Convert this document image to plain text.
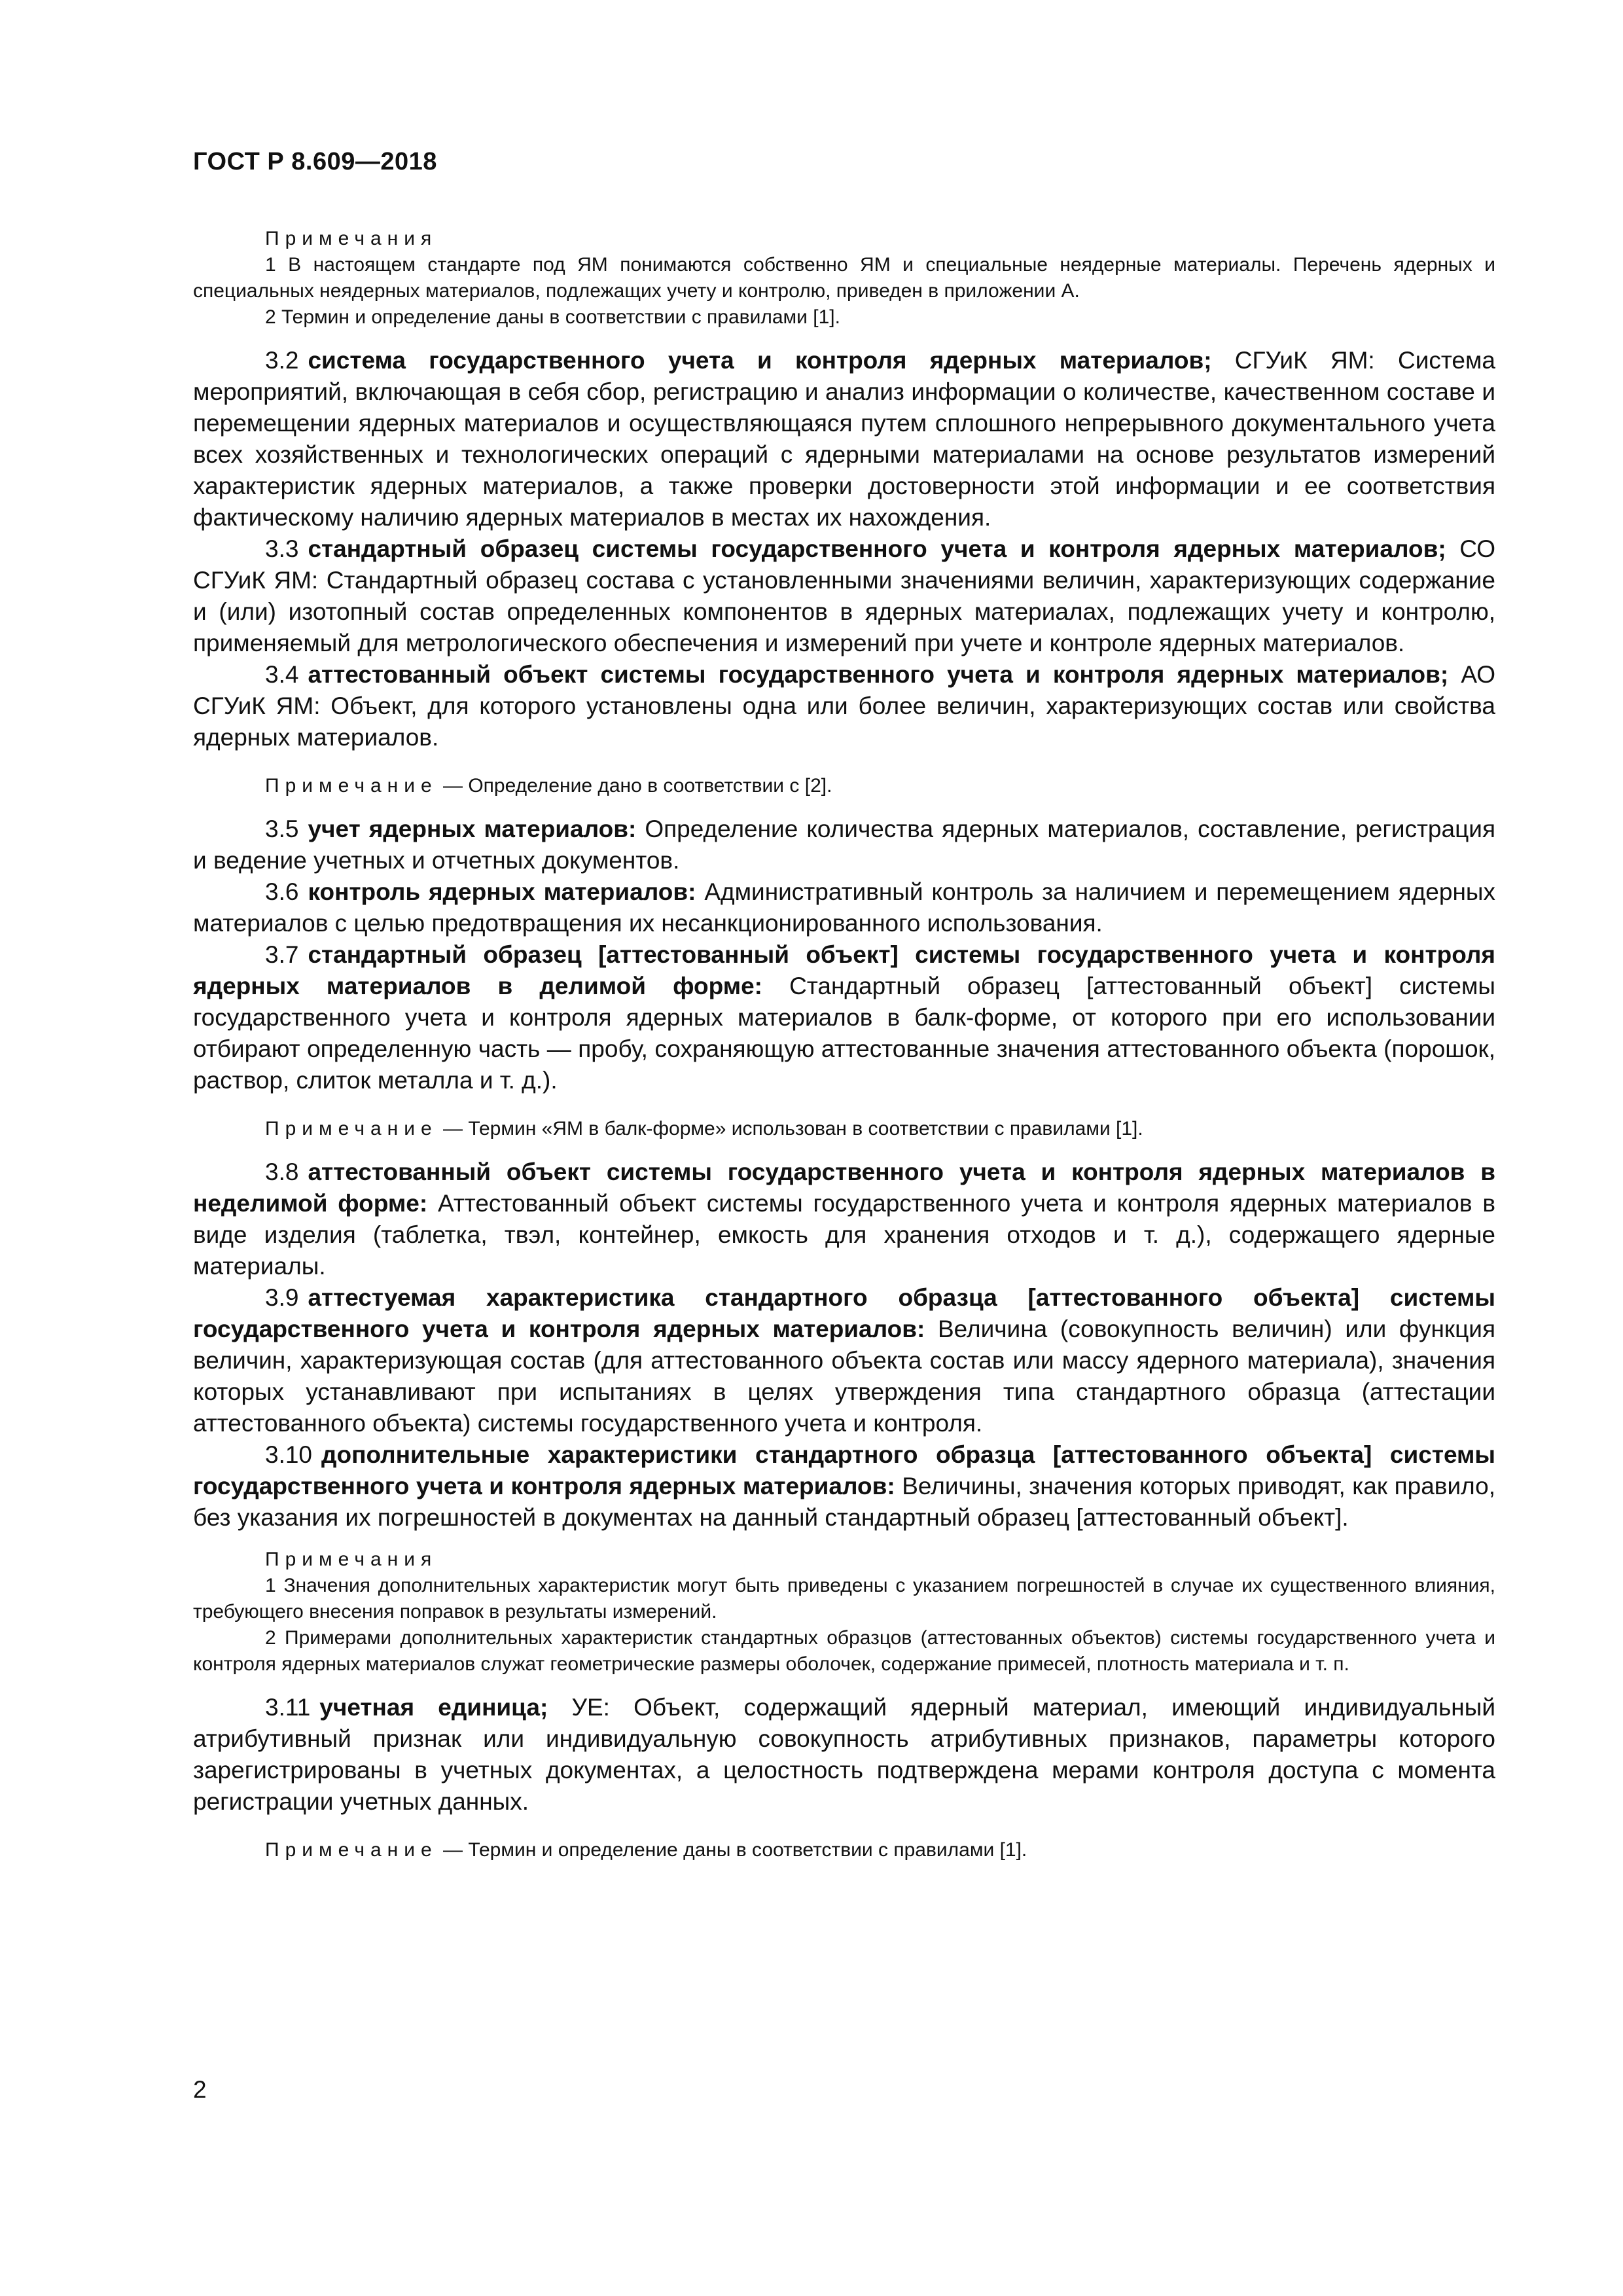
ГОСТ Р 8.609—2018
Примечания

1 В настоящем стандарте под ЯМ понимаются собственно ЯМ и специальные неядерные материалы. Перечень ядерных и специальных неядерных материалов, подлежащих учету и контролю, приведен в приложении А.

2 Термин и определение даны в соответствии с правилами [1].

3.2 система государственного учета и контроля ядерных материалов; СГУиК ЯМ: Система мероприятий, включающая в себя сбор, регистрацию и анализ информации о количестве, качественном составе и перемещении ядерных материалов и осуществляющаяся путем сплошного непрерывного документального учета всех хозяйственных и технологических операций с ядерными материалами на основе результатов измерений характеристик ядерных материалов, а также проверки достоверности этой информации и ее соответствия фактическому наличию ядерных материалов в местах их нахождения.

3.3 стандартный образец системы государственного учета и контроля ядерных материалов; СО СГУиК ЯМ: Стандартный образец состава с установленными значениями величин, характеризующих содержание и (или) изотопный состав определенных компонентов в ядерных материалах, подлежащих учету и контролю, применяемый для метрологического обеспечения и измерений при учете и контроле ядерных материалов.

3.4 аттестованный объект системы государственного учета и контроля ядерных материалов; АО СГУиК ЯМ: Объект, для которого установлены одна или более величин, характеризующих состав или свойства ядерных материалов.

Примечание — Определение дано в соответствии с [2].

3.5 учет ядерных материалов: Определение количества ядерных материалов, составление, регистрация и ведение учетных и отчетных документов.

3.6 контроль ядерных материалов: Административный контроль за наличием и перемещением ядерных материалов с целью предотвращения их несанкционированного использования.

3.7 стандартный образец [аттестованный объект] системы государственного учета и контроля ядерных материалов в делимой форме: Стандартный образец [аттестованный объект] системы государственного учета и контроля ядерных материалов в балк-форме, от которого при его использовании отбирают определенную часть — пробу, сохраняющую аттестованные значения аттестованного объекта (порошок, раствор, слиток металла и т. д.).

Примечание — Термин «ЯМ в балк-форме» использован в соответствии с правилами [1].

3.8 аттестованный объект системы государственного учета и контроля ядерных материалов в неделимой форме: Аттестованный объект системы государственного учета и контроля ядерных материалов в виде изделия (таблетка, твэл, контейнер, емкость для хранения отходов и т. д.), содержащего ядерные материалы.

3.9 аттестуемая характеристика стандартного образца [аттестованного объекта] системы государственного учета и контроля ядерных материалов: Величина (совокупность величин) или функция величин, характеризующая состав (для аттестованного объекта состав или массу ядерного материала), значения которых устанавливают при испытаниях в целях утверждения типа стандартного образца (аттестации аттестованного объекта) системы государственного учета и контроля.

3.10 дополнительные характеристики стандартного образца [аттестованного объекта] системы государственного учета и контроля ядерных материалов: Величины, значения которых приводят, как правило, без указания их погрешностей в документах на данный стандартный образец [аттестованный объект].

Примечания

1 Значения дополнительных характеристик могут быть приведены с указанием погрешностей в случае их существенного влияния, требующего внесения поправок в результаты измерений.

2 Примерами дополнительных характеристик стандартных образцов (аттестованных объектов) системы государственного учета и контроля ядерных материалов служат геометрические размеры оболочек, содержание примесей, плотность материала и т. п.

3.11 учетная единица; УЕ: Объект, содержащий ядерный материал, имеющий индивидуальный атрибутивный признак или индивидуальную совокупность атрибутивных признаков, параметры которого зарегистрированы в учетных документах, а целостность подтверждена мерами контроля доступа с момента регистрации учетных данных.

Примечание — Термин и определение даны в соответствии с правилами [1].

2
